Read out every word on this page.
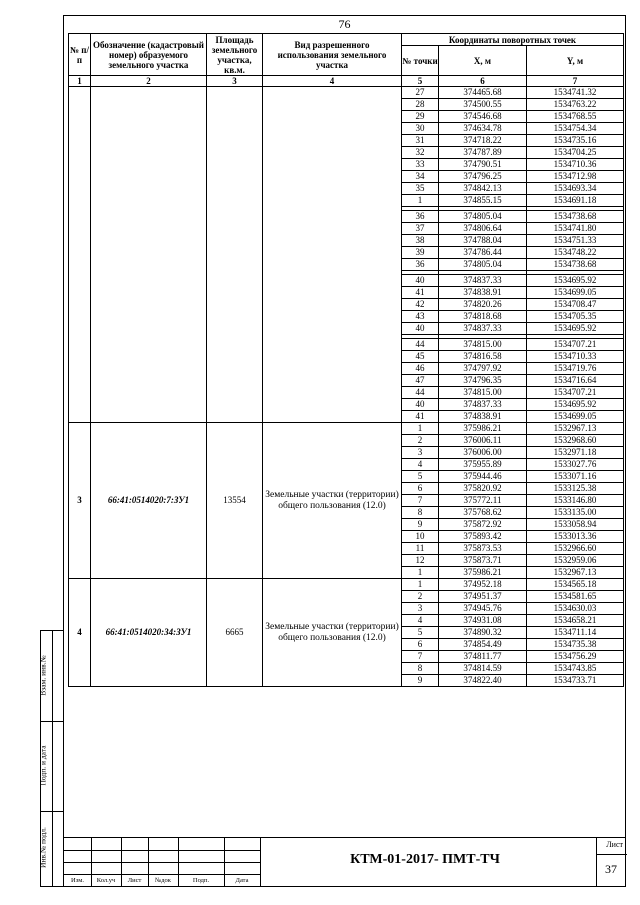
76
№ п/п	Обозначение (кадастровый номер) образуемого земельного участка	Площадь земельного участка, кв.м.	Вид разрешенного использования земельного участка	Координаты поворотных точек		
				№ точки	X, м	Y, м
1	2	3	4	5	6	7
				27	374465.68	1534741.32
				28	374500.55	1534763.22
				29	374546.68	1534768.55
				30	374634.78	1534754.34
				31	374718.22	1534735.16
				32	374787.89	1534704.25
				33	374790.51	1534710.36
				34	374796.25	1534712.98
				35	374842.13	1534693.34
				1	374855.15	1534691.18

				36	374805.04	1534738.68
				37	374806.64	1534741.80
				38	374788.04	1534751.33
				39	374786.44	1534748.22
				36	374805.04	1534738.68

				40	374837.33	1534695.92
				41	374838.91	1534699.05
				42	374820.26	1534708.47
				43	374818.68	1534705.35
				40	374837.33	1534695.92

				44	374815.00	1534707.21
				45	374816.58	1534710.33
				46	374797.92	1534719.76
				47	374796.35	1534716.64
				44	374815.00	1534707.21
				40	374837.33	1534695.92
				41	374838.91	1534699.05
3	66:41:0514020:7:ЗУ1	13554	Земельные участки (территории) общего пользования (12.0)	1	375986.21	1532967.13
				2	376006.11	1532968.60
				3	376006.00	1532971.18
				4	375955.89	1533027.76
				5	375944.46	1533071.16
				6	375820.92	1533125.38
				7	375772.11	1533146.80
				8	375768.62	1533135.00
				9	375872.92	1533058.94
				10	375893.42	1533013.36
				11	375873.53	1532966.60
				12	375873.71	1532959.06
				1	375986.21	1532967.13
4	66:41:0514020:34:ЗУ1	6665	Земельные участки (территории) общего пользования (12.0)	1	374952.18	1534565.18
				2	374951.37	1534581.65
				3	374945.76	1534630.03
				4	374931.08	1534658.21
				5	374890.32	1534711.14
				6	374854.49	1534735.38
				7	374811.77	1534756.29
				8	374814.59	1534743.85
				9	374822.40	1534733.71
Изм.	Кол.уч	Лист	№док	Подп.	Дата
КТМ-01-2017- ПМТ-ТЧ
Лист
37
Взам. инв.№
Подп. и дата
Инв.№ подл.
